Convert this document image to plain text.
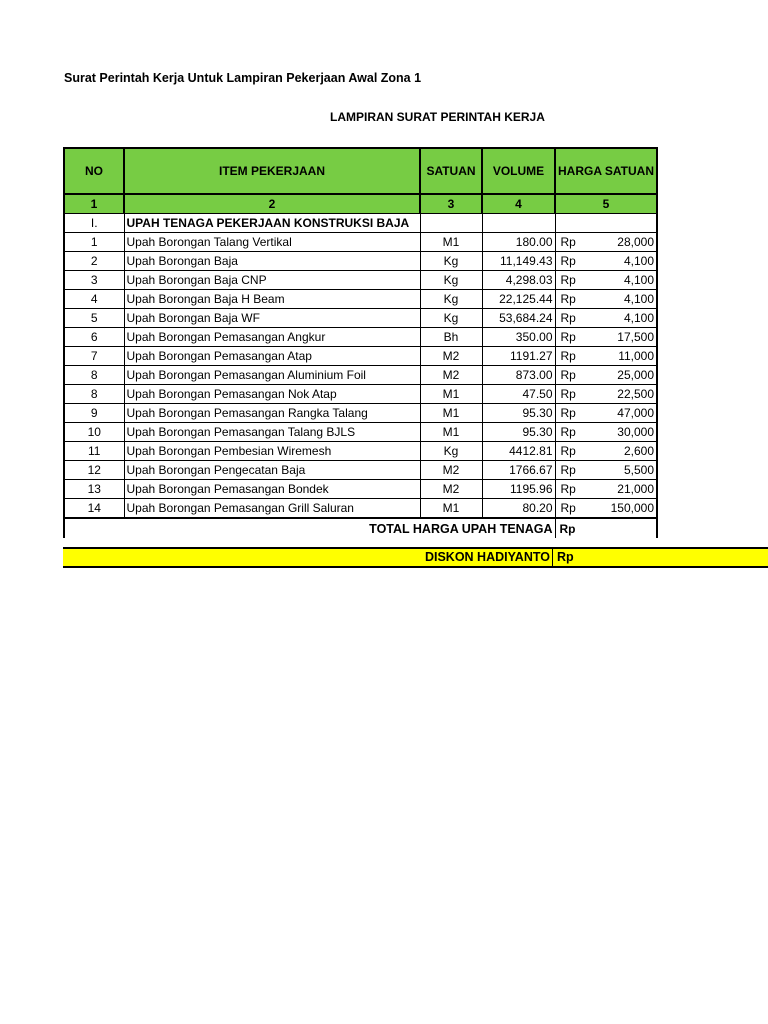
Surat Perintah Kerja Untuk Lampiran Pekerjaan Awal Zona 1
LAMPIRAN SURAT PERINTAH KERJA
NO	ITEM PEKERJAAN	SATUAN	VOLUME	HARGA SATUAN
1	2	3	4	5
I.	UPAH TENAGA PEKERJAAN KONSTRUKSI BAJA			
1	Upah Borongan Talang Vertikal	M1	180.00	Rp 28,000

2	Upah Borongan Baja	Kg	11,149.43	Rp 4,100

3	Upah Borongan Baja CNP	Kg	4,298.03	Rp 4,100

4	Upah Borongan Baja H Beam	Kg	22,125.44	Rp 4,100

5	Upah Borongan Baja WF	Kg	53,684.24	Rp 4,100

6	Upah Borongan Pemasangan Angkur	Bh	350.00	Rp 17,500

7	Upah Borongan Pemasangan Atap	M2	1191.27	Rp 11,000

8	Upah Borongan Pemasangan Aluminium Foil	M2	873.00	Rp 25,000

8	Upah Borongan Pemasangan Nok Atap	M1	47.50	Rp 22,500

9	Upah Borongan Pemasangan Rangka Talang	M1	95.30	Rp 47,000

10	Upah Borongan Pemasangan Talang BJLS	M1	95.30	Rp 30,000

11	Upah Borongan Pembesian Wiremesh	Kg	4412.81	Rp 2,600

12	Upah Borongan Pengecatan Baja	M2	1766.67	Rp 5,500

13	Upah Borongan Pemasangan Bondek	M2	1195.96	Rp 21,000

14	Upah Borongan Pemasangan Grill Saluran	M1	80.20	Rp 150,000

TOTAL HARGA UPAH TENAGA				Rp
DISKON HADIYANTO Rp
